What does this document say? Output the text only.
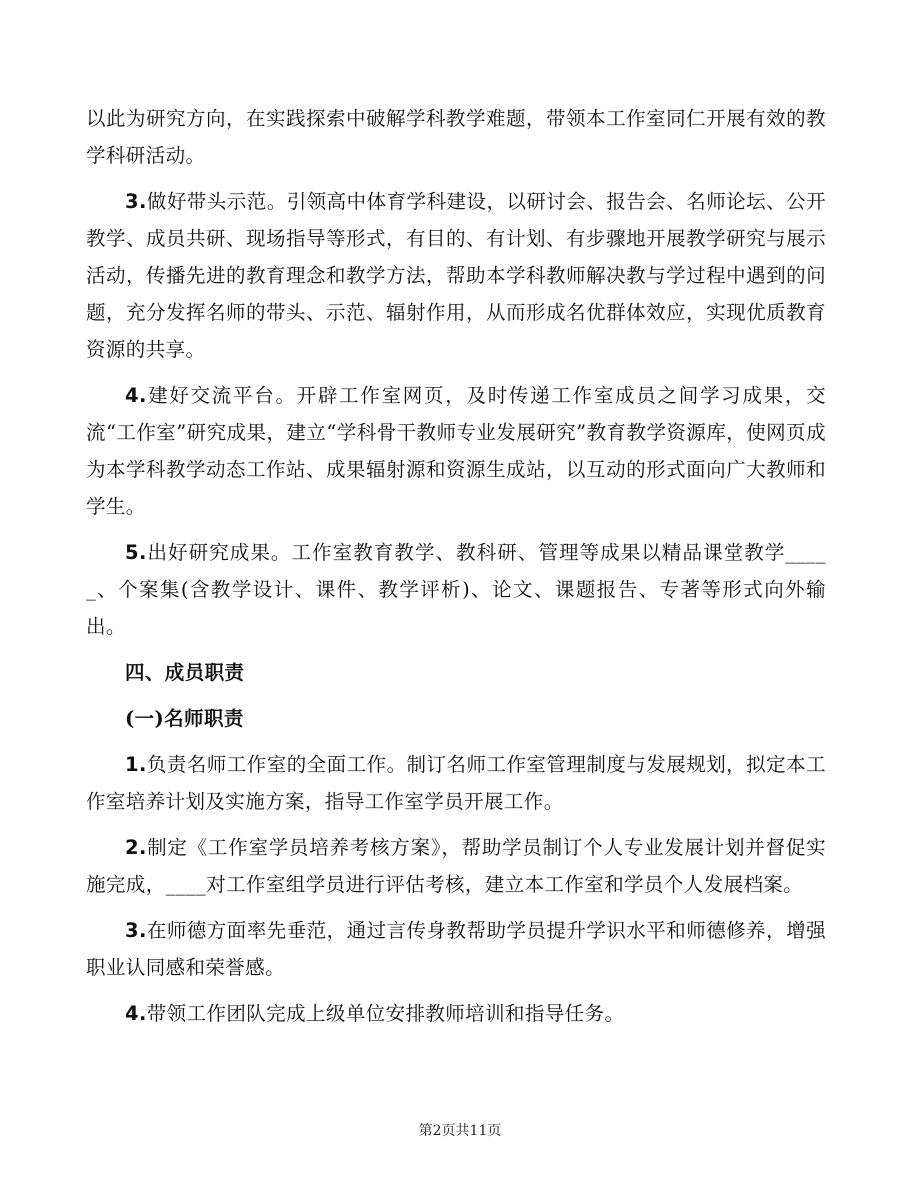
以此为研究方向，在实践探索中破解学科教学难题，带领本工作室同仁开展有效的教学科研活动。

3.做好带头示范。引领高中体育学科建设，以研讨会、报告会、名师论坛、公开教学、成员共研、现场指导等形式，有目的、有计划、有步骤地开展教学研究与展示活动，传播先进的教育理念和教学方法，帮助本学科教师解决教与学过程中遇到的问题，充分发挥名师的带头、示范、辐射作用，从而形成名优群体效应，实现优质教育资源的共享。

4.建好交流平台。开辟工作室网页，及时传递工作室成员之间学习成果，交流“工作室”研究成果，建立“学科骨干教师专业发展研究”教育教学资源库，使网页成为本学科教学动态工作站、成果辐射源和资源生成站，以互动的形式面向广大教师和学生。

5.出好研究成果。工作室教育教学、教科研、管理等成果以精品课堂教学_____、个案集(含教学设计、课件、教学评析)、论文、课题报告、专著等形式向外输出。

四、成员职责

(一)名师职责

1.负责名师工作室的全面工作。制订名师工作室管理制度与发展规划，拟定本工作室培养计划及实施方案，指导工作室学员开展工作。

2.制定《工作室学员培养考核方案》，帮助学员制订个人专业发展计划并督促实施完成，____对工作室组学员进行评估考核，建立本工作室和学员个人发展档案。

3.在师德方面率先垂范，通过言传身教帮助学员提升学识水平和师德修养，增强职业认同感和荣誉感。

4.带领工作团队完成上级单位安排教师培训和指导任务。

第2页共11页
